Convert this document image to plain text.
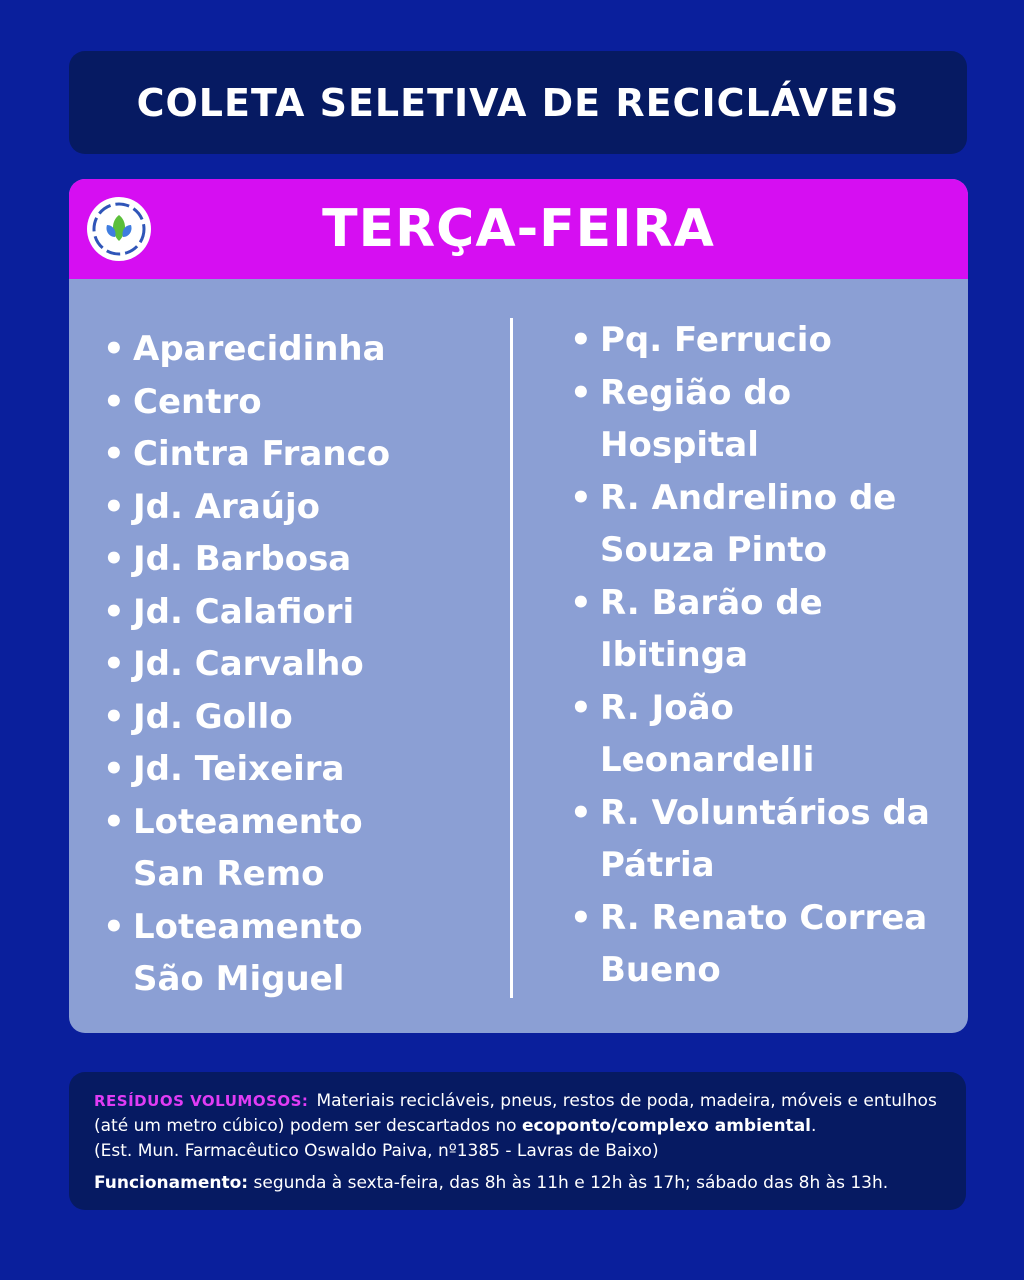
COLETA SELETIVA DE RECICLÁVEIS
TERÇA-FEIRA
• Aparecidinha
• Centro
• Cintra Franco
• Jd. Araújo
• Jd. Barbosa
• Jd. Calafiori
• Jd. Carvalho
• Jd. Gollo
• Jd. Teixeira
• Loteamento
San Remo
• Loteamento
São Miguel
• Pq. Ferrucio
• Região do
Hospital
• R. Andrelino de
Souza Pinto
• R. Barão de
Ibitinga
• R. João
Leonardelli
• R. Voluntários da
Pátria
• R. Renato Correa
Bueno

RESÍDUOS VOLUMOSOS: Materiais recicláveis, pneus, restos de poda, madeira, móveis e entulhos (até um metro cúbico) podem ser descartados no ecoponto/complexo ambiental.
(Est. Mun. Farmacêutico Oswaldo Paiva, nº1385 - Lavras de Baixo)

Funcionamento: segunda à sexta-feira, das 8h às 11h e 12h às 17h; sábado das 8h às 13h.
